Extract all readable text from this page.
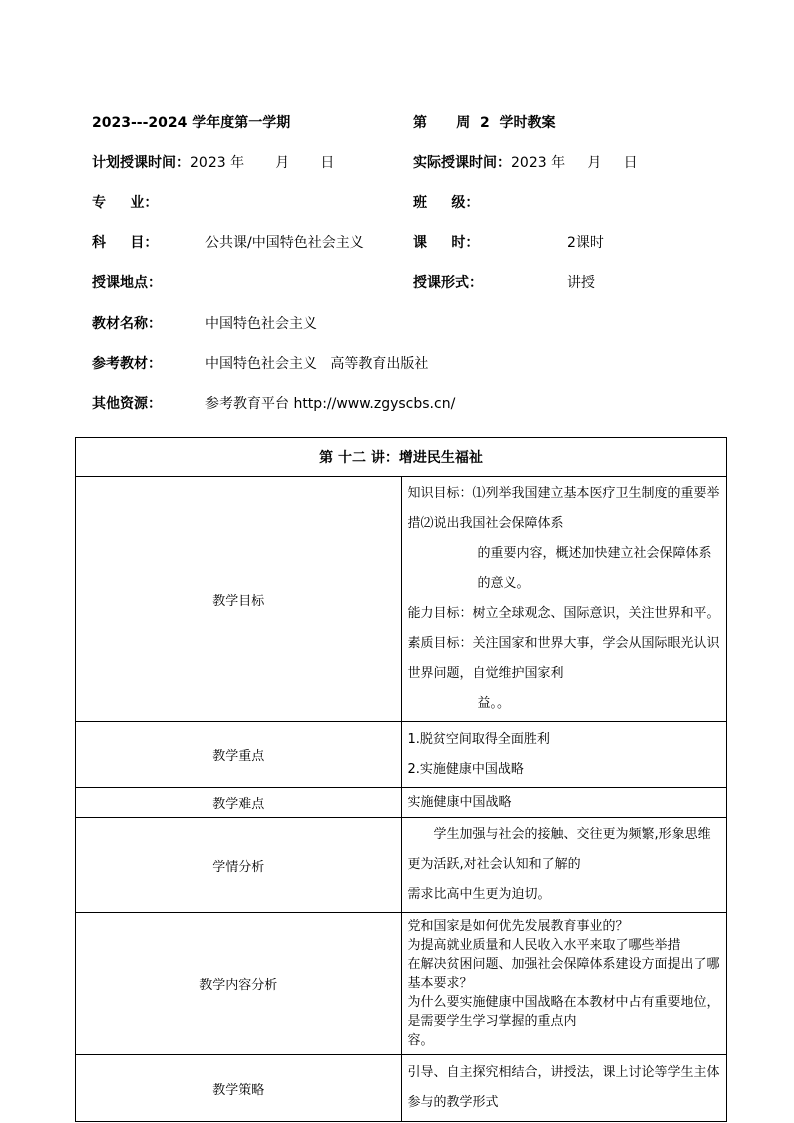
2023---2024 学年度第一学期	第      周  2  学时教案
计划授课时间：2023 年       月       日	实际授课时间：2023 年     月     日
专     业：	班     级：
科     目：	公共课/中国特色社会主义	课     时：	2课时
授课地点：	授课形式：	讲授
教材名称：	中国特色社会主义
参考教材：	中国特色社会主义   高等教育出版社
其他资源：	参考教育平台 http://www.zgyscbs.cn/
第 十二 讲：增进民生福祉	
教学目标	知识目标：⑴列举我国建立基本医疗卫生制度的重要举措⑵说出我国社会保障体系

的重要内容，概述加快建立社会保障体系的意义。

能力目标：树立全球观念、国际意识，关注世界和平。

素质目标：关注国家和世界大事，学会从国际眼光认识世界问题，自觉维护国家利

益。。

教学重点	1.脱贫空间取得全面胜利

2.实施健康中国战略

教学难点	实施健康中国战略

学情分析	学生加强与社会的接触、交往更为频繁,形象思维更为活跃,对社会认知和了解的

需求比高中生更为迫切。

教学内容分析	党和国家是如何优先发展教育事业的？

为提高就业质量和人民收入水平来取了哪些举措

在解决贫困问题、加强社会保障体系建设方面提出了哪基本要求？

为什么要实施健康中国战略在本教材中占有重要地位，是需要学生学习掌握的重点内

容。

教学策略	引导、自主探究相结合，讲授法，课上讨论等学生主体参与的教学形式
